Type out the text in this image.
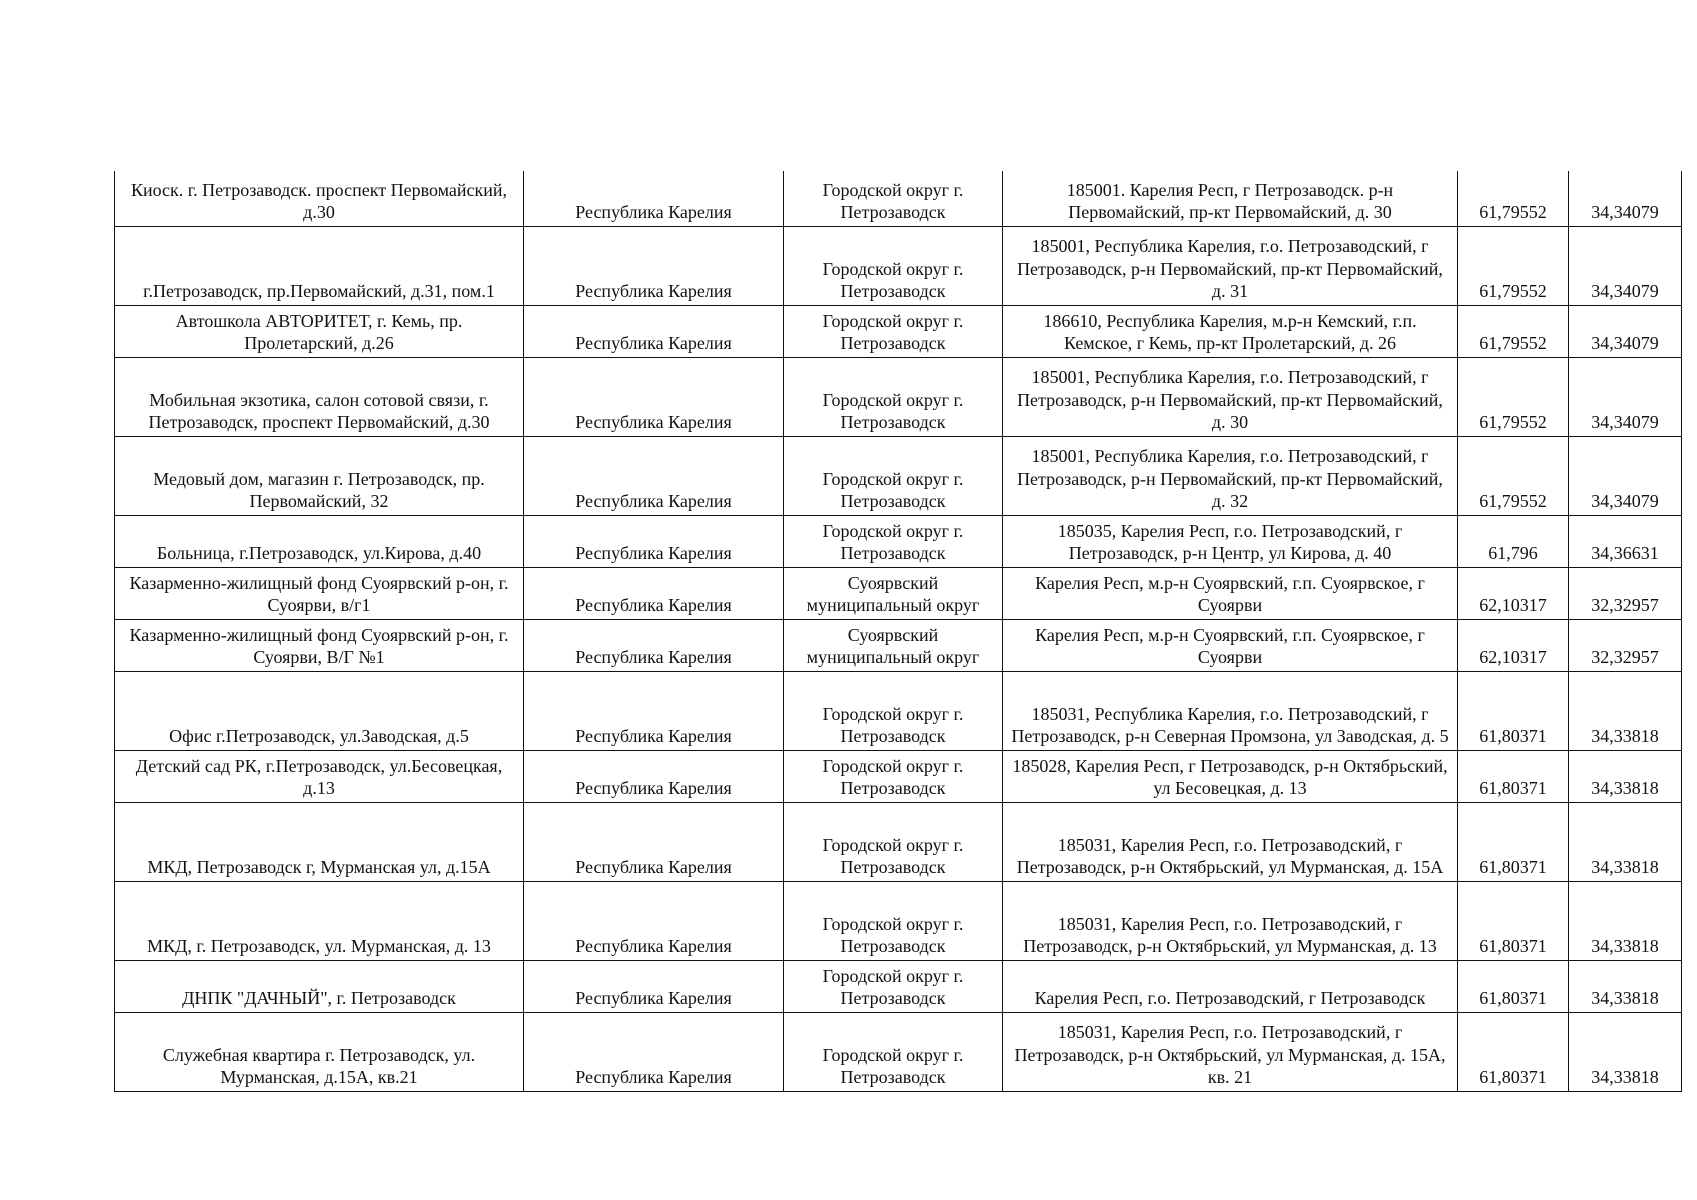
Киоск. г. Петрозаводск. проспект Первомайский, д.30	Республика Карелия	Городской округ г. Петрозаводск	185001. Карелия Респ, г Петрозаводск. р-н Первомайский, пр-кт Первомайский, д. 30	61,79552	34,34079
г.Петрозаводск, пр.Первомайский, д.31, пом.1	Республика Карелия	Городской округ г. Петрозаводск	185001, Республика Карелия, г.о. Петрозаводский, г Петрозаводск, р-н Первомайский, пр-кт Первомайский, д. 31	61,79552	34,34079
Автошкола АВТОРИТЕТ, г. Кемь, пр. Пролетарский, д.26	Республика Карелия	Городской округ г. Петрозаводск	186610, Республика Карелия, м.р-н Кемский, г.п. Кемское, г Кемь, пр-кт Пролетарский, д. 26	61,79552	34,34079
Мобильная экзотика, салон сотовой связи, г. Петрозаводск, проспект Первомайский, д.30	Республика Карелия	Городской округ г. Петрозаводск	185001, Республика Карелия, г.о. Петрозаводский, г Петрозаводск, р-н Первомайский, пр-кт Первомайский, д. 30	61,79552	34,34079
Медовый дом, магазин г. Петрозаводск, пр. Первомайский, 32	Республика Карелия	Городской округ г. Петрозаводск	185001, Республика Карелия, г.о. Петрозаводский, г Петрозаводск, р-н Первомайский, пр-кт Первомайский, д. 32	61,79552	34,34079
Больница, г.Петрозаводск, ул.Кирова, д.40	Республика Карелия	Городской округ г. Петрозаводск	185035, Карелия Респ, г.о. Петрозаводский, г Петрозаводск, р-н Центр, ул Кирова, д. 40	61,796	34,36631
Казарменно-жилищный фонд Суоярвский р-он, г. Суоярви, в/г1	Республика Карелия	Суоярвский муниципальный округ	Карелия Респ, м.р-н Суоярвский, г.п. Суоярвское, г Суоярви	62,10317	32,32957
Казарменно-жилищный фонд Суоярвский р-он, г. Суоярви, В/Г №1	Республика Карелия	Суоярвский муниципальный округ	Карелия Респ, м.р-н Суоярвский, г.п. Суоярвское, г Суоярви	62,10317	32,32957
Офис г.Петрозаводск, ул.Заводская, д.5	Республика Карелия	Городской округ г. Петрозаводск	185031, Республика Карелия, г.о. Петрозаводский, г Петрозаводск, р-н Северная Промзона, ул Заводская, д. 5	61,80371	34,33818
Детский сад РК, г.Петрозаводск, ул.Бесовецкая, д.13	Республика Карелия	Городской округ г. Петрозаводск	185028, Карелия Респ, г Петрозаводск, р-н Октябрьский, ул Бесовецкая, д. 13	61,80371	34,33818
МКД, Петрозаводск г, Мурманская ул, д.15А	Республика Карелия	Городской округ г. Петрозаводск	185031, Карелия Респ, г.о. Петрозаводский, г Петрозаводск, р-н Октябрьский, ул Мурманская, д. 15А	61,80371	34,33818
МКД, г. Петрозаводск, ул. Мурманская, д. 13	Республика Карелия	Городской округ г. Петрозаводск	185031, Карелия Респ, г.о. Петрозаводский, г Петрозаводск, р-н Октябрьский, ул Мурманская, д. 13	61,80371	34,33818
ДНПК "ДАЧНЫЙ", г. Петрозаводск	Республика Карелия	Городской округ г. Петрозаводск	Карелия Респ, г.о. Петрозаводский, г Петрозаводск	61,80371	34,33818
Служебная квартира г. Петрозаводск, ул. Мурманская, д.15А, кв.21	Республика Карелия	Городской округ г. Петрозаводск	185031, Карелия Респ, г.о. Петрозаводский, г Петрозаводск, р-н Октябрьский, ул Мурманская, д. 15А, кв. 21	61,80371	34,33818
